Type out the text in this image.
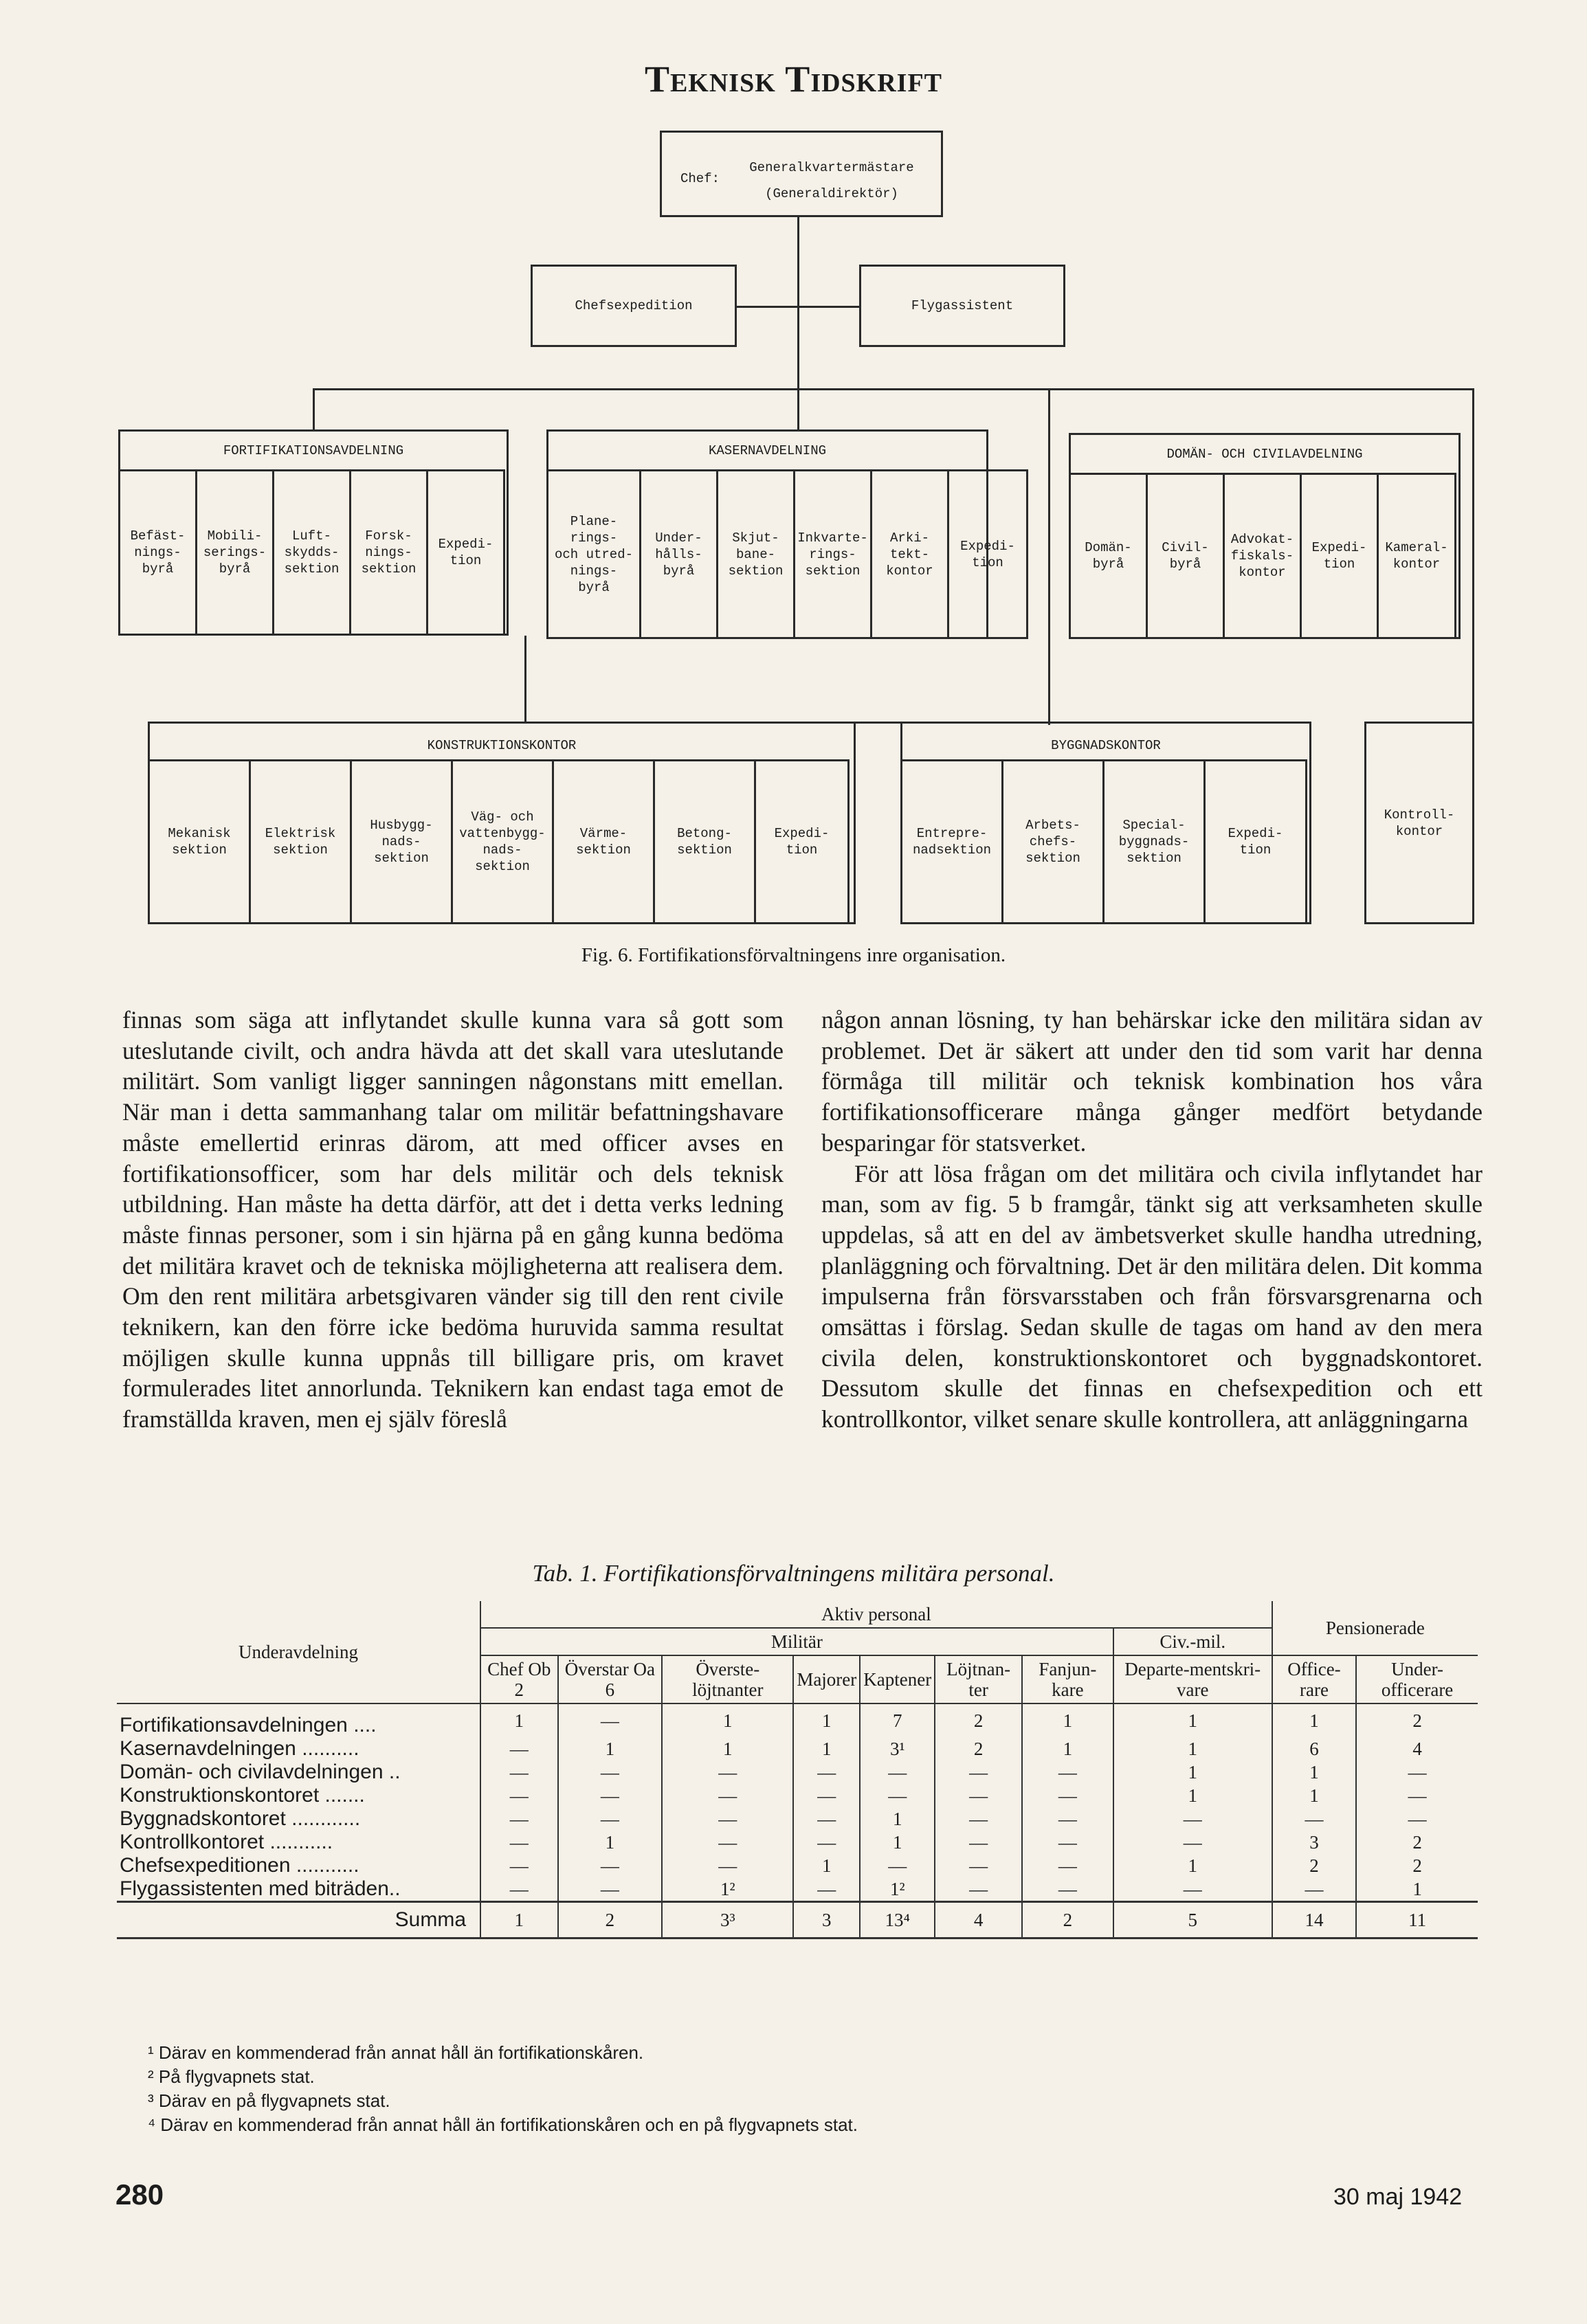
Teknisk Tidskrift
Chef:
Generalkvartermästare
(Generaldirektör)
Chefsexpedition	Flygassistent
FORTIFIKATIONSAVDELNING
Befäst-
nings-
byrå
Mobili-
serings-
byrå
Luft-
skydds-
sektion
Forsk-
nings-
sektion
Expedi-
tion
KASERNAVDELNING
Plane-
rings-
och utred-
nings-
byrå
Under-
hålls-
byrå
Skjut-
bane-
sektion
Inkvarte-
rings-
sektion
Arki-
tekt-
kontor
Expedi-
tion
DOMÄN- OCH CIVILAVDELNING
Domän-
byrå
Civil-
byrå
Advokat-
fiskals-
kontor
Expedi-
tion
Kameral-
kontor
KONSTRUKTIONSKONTOR
Mekanisk
sektion
Elektrisk
sektion
Husbygg-
nads-
sektion
Väg- och
vattenbygg-
nads-
sektion
Värme-
sektion
Betong-
sektion
Expedi-
tion
BYGGNADSKONTOR
Entrepre-
nadsektion
Arbets-
chefs-
sektion
Special-
byggnads-
sektion
Expedi-
tion
Kontroll-
kontor
Fig. 6. Fortifikationsförvaltningens inre organisation.

finnas som säga att inflytandet skulle kunna vara så gott som uteslutande civilt, och andra hävda att det skall vara uteslutande militärt. Som vanligt ligger sanningen någonstans mitt emellan. När man i detta sammanhang talar om militär befattningshavare måste emellertid erinras därom, att med officer avses en fortifikationsofficer, som har dels militär och dels teknisk utbildning. Han måste ha detta därför, att det i detta verks ledning måste finnas personer, som i sin hjärna på en gång kunna bedöma det militära kravet och de tekniska möjligheterna att realisera dem. Om den rent militära arbetsgivaren vänder sig till den rent civile teknikern, kan den förre icke bedöma huruvida samma resultat möjligen skulle kunna uppnås till billigare pris, om kravet formulerades litet annorlunda. Teknikern kan endast taga emot de framställda kraven, men ej själv föreslå

någon annan lösning, ty han behärskar icke den militära sidan av problemet. Det är säkert att under den tid som varit har denna förmåga till militär och teknisk kombination hos våra fortifikationsofficerare många gånger medfört betydande besparingar för statsverket.

För att lösa frågan om det militära och civila inflytandet har man, som av fig. 5 b framgår, tänkt sig att verksamheten skulle uppdelas, så att en del av ämbetsverket skulle handha utredning, planläggning och förvaltning. Det är den militära delen. Dit komma impulserna från försvarsstaben och från försvarsgrenarna och omsättas i förslag. Sedan skulle de tagas om hand av den mera civila delen, konstruktionskontoret och byggnadskontoret. Dessutom skulle det finnas en chefsexpedition och ett kontrollkontor, vilket senare skulle kontrollera, att anläggningarna

Tab. 1. Fortifikationsförvaltningens militära personal.
Underavdelning	Aktiv personal								Pensionerade	
	Militär							Civ.-mil.		
	Chef Ob 2	Överstar Oa 6	Överste-löjtnanter	Majorer	Kaptener	Löjtnan-ter	Fanjun-kare	Departe-mentskri-vare	Office-rare	Under-officerare
Fortifikationsavdelningen ....	1	—	1	1	7	2	1	1	1	2
Kasernavdelningen ..........	—	1	1	1	3¹	2	1	1	6	4
Domän- och civilavdelningen ..	—	—	—	—	—	—	—	1	1	—
Konstruktionskontoret .......	—	—	—	—	—	—	—	1	1	—
Byggnadskontoret ............	—	—	—	—	1	—	—	—	—	—
Kontrollkontoret ...........	—	1	—	—	1	—	—	—	3	2
Chefsexpeditionen ...........	—	—	—	1	—	—	—	1	2	2
Flygassistenten med biträden..	—	—	1²	—	1²	—	—	—	—	1
Summa	1	2	3³	3	13⁴	4	2	5	14	11
¹ Därav en kommenderad från annat håll än fortifikationskåren.
² På flygvapnets stat.
³ Därav en på flygvapnets stat.
⁴ Därav en kommenderad från annat håll än fortifikationskåren och en på flygvapnets stat.
280	30 maj 1942
